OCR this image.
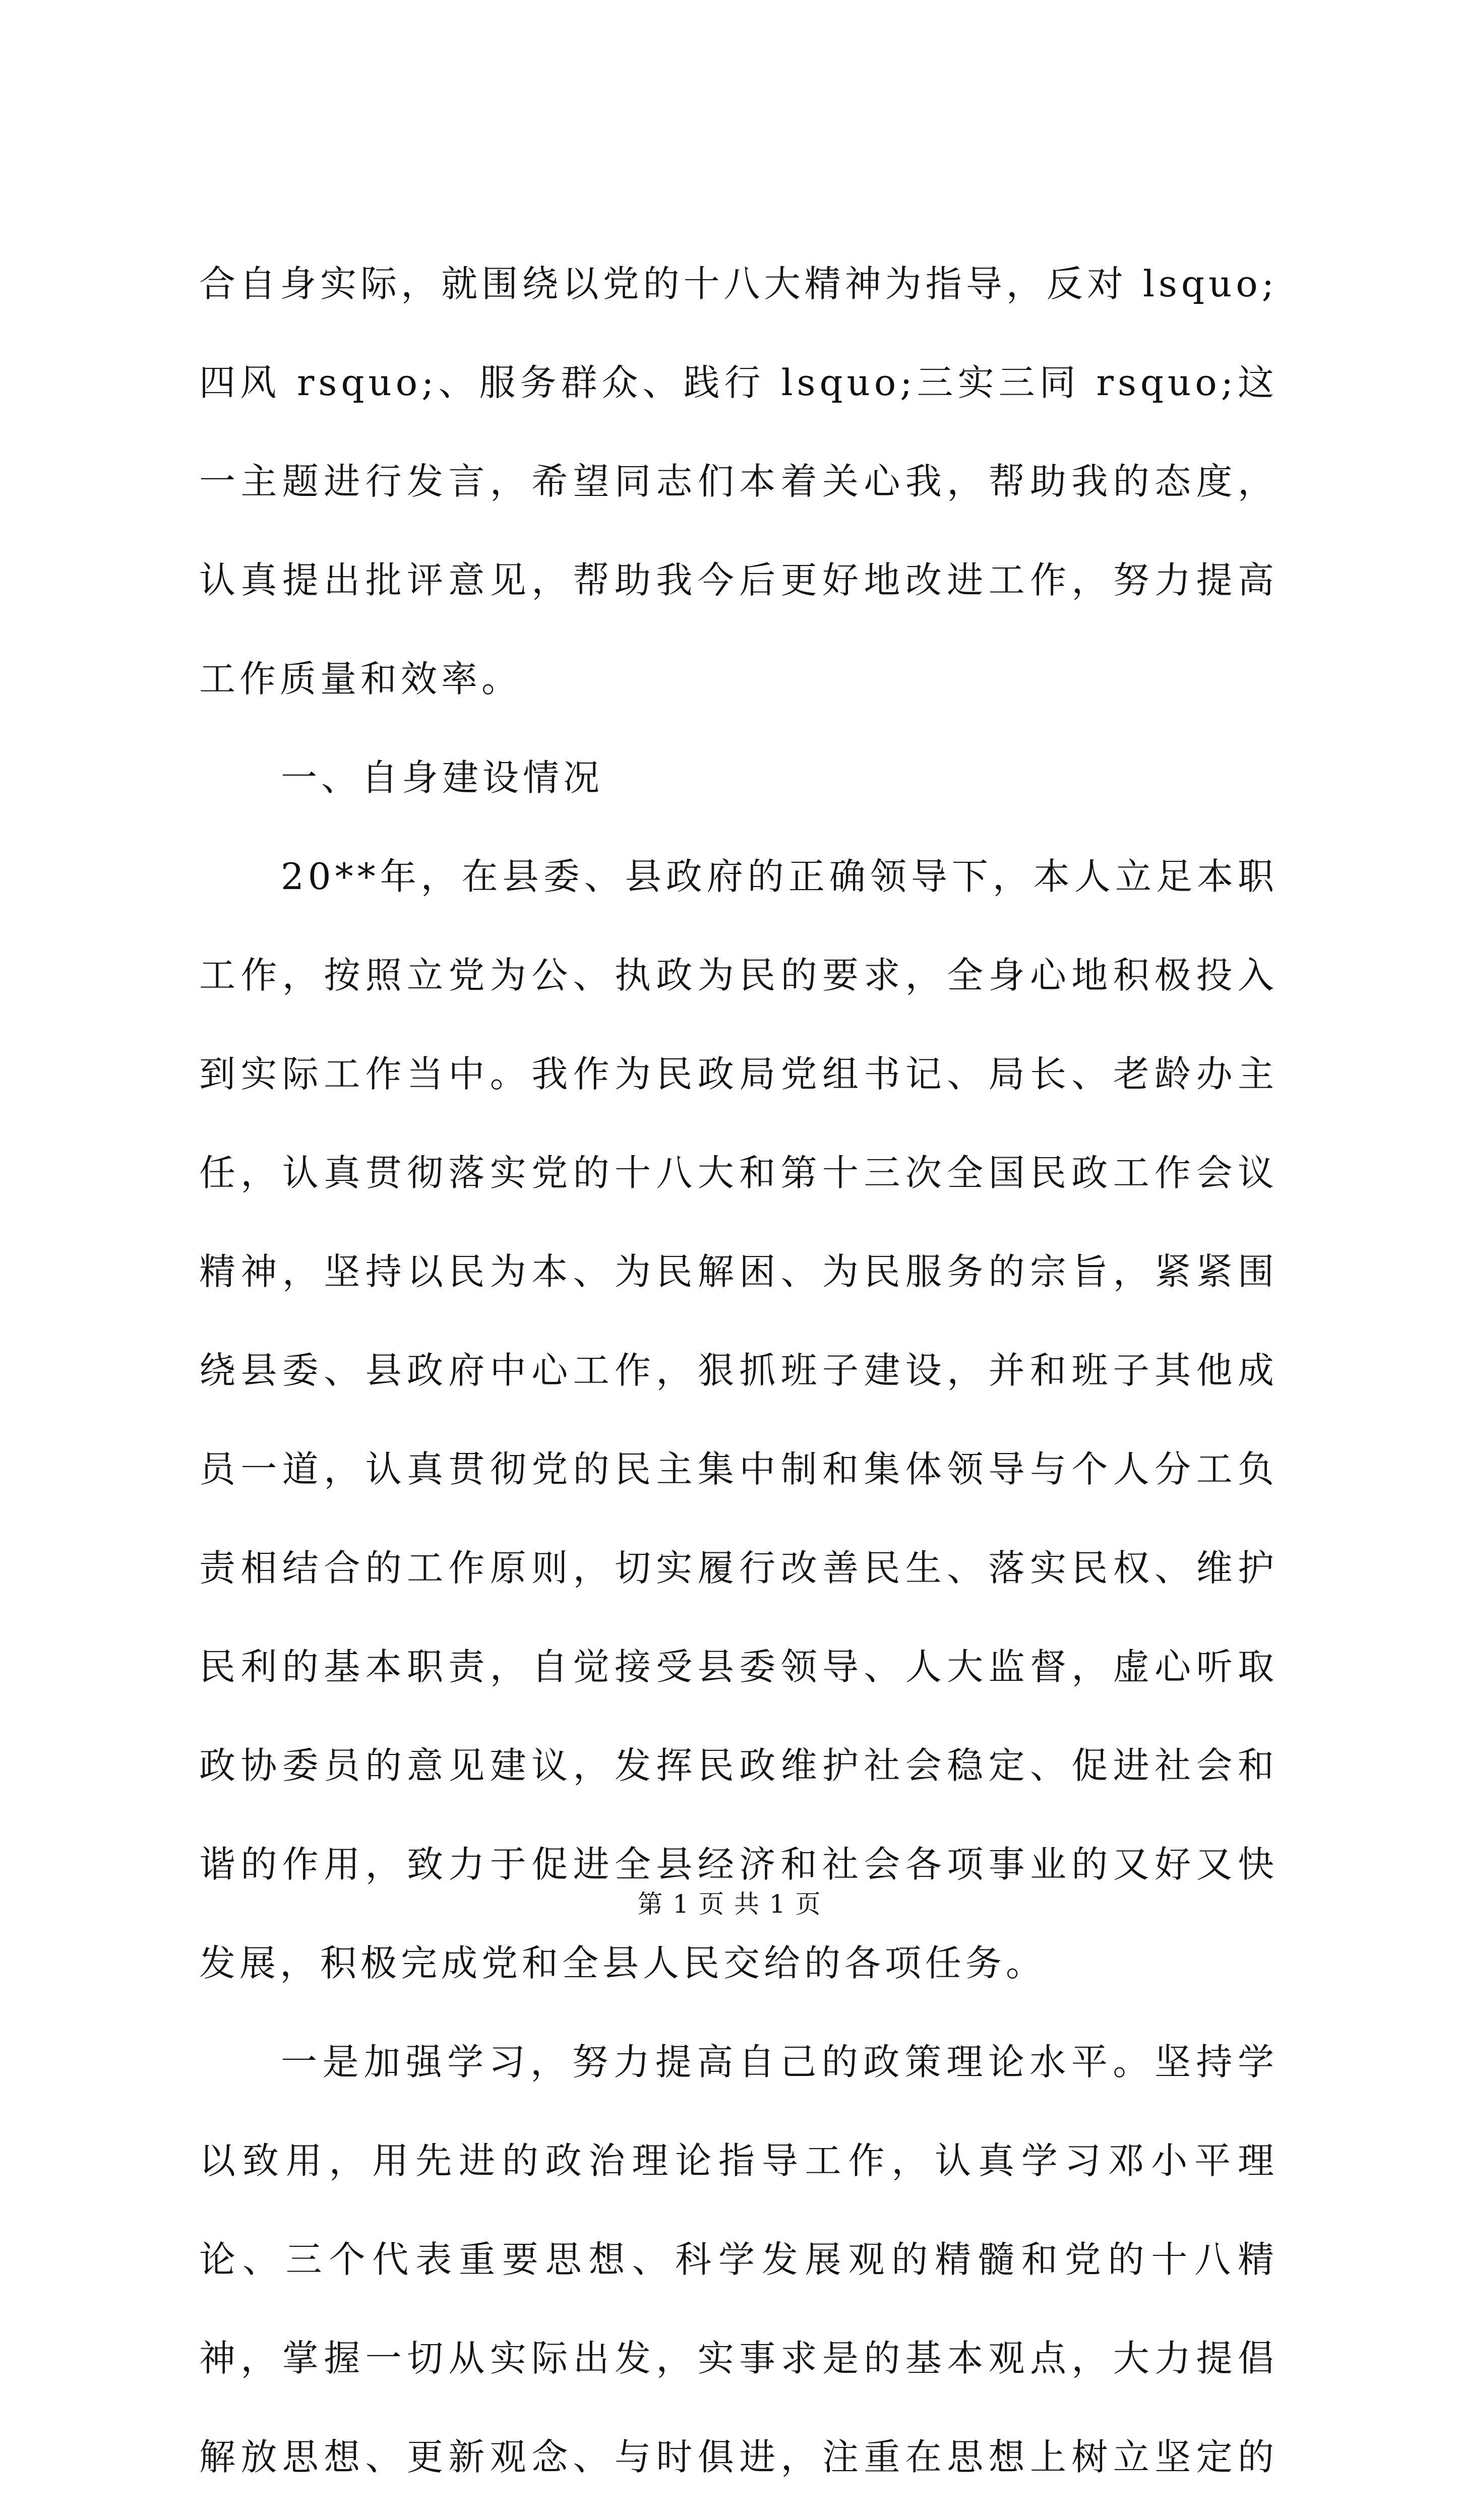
合自身实际，就围绕以党的十八大精神为指导，反对 lsquo;四风 rsquo;、服务群众、践行 lsquo;三实三同 rsquo;这一主题进行发言，希望同志们本着关心我，帮助我的态度，认真提出批评意见，帮助我今后更好地改进工作，努力提高工作质量和效率。

一、自身建设情况

20**年，在县委、县政府的正确领导下，本人立足本职工作，按照立党为公、执政为民的要求，全身心地积极投入到实际工作当中。我作为民政局党组书记、局长、老龄办主任，认真贯彻落实党的十八大和第十三次全国民政工作会议精神，坚持以民为本、为民解困、为民服务的宗旨，紧紧围绕县委、县政府中心工作，狠抓班子建设，并和班子其他成员一道，认真贯彻党的民主集中制和集体领导与个人分工负责相结合的工作原则，切实履行改善民生、落实民权、维护民利的基本职责，自觉接受县委领导、人大监督，虚心听取政协委员的意见建议，发挥民政维护社会稳定、促进社会和谐的作用，致力于促进全县经济和社会各项事业的又好又快发展，积极完成党和全县人民交给的各项任务。

一是加强学习，努力提高自己的政策理论水平。坚持学以致用，用先进的政治理论指导工作，认真学习邓小平理论、三个代表重要思想、科学发展观的精髓和党的十八精神，掌握一切从实际出发，实事求是的基本观点，大力提倡解放思想、更新观念、与时俱进，注重在思想上树立坚定的

第 1 页 共 1 页
